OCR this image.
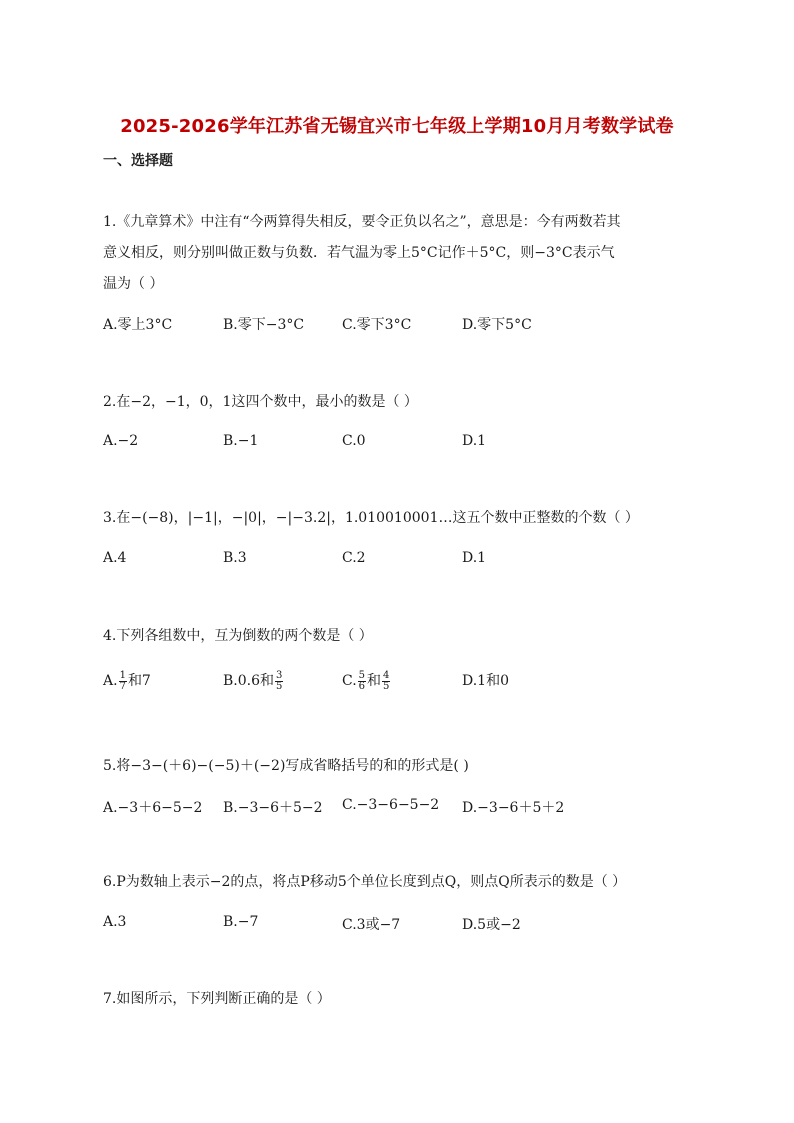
2025-2026学年江苏省无锡宜兴市七年级上学期10月月考数学试卷
一、选择题
1.《九章算术》中注有“今两算得失相反，要令正负以名之”，意思是：今有两数若其
意义相反，则分别叫做正数与负数．若气温为零上5°C记作＋5°C，则−3°C表示气
温为（ ）
A.零上3°C	B.零下−3°C	C.零下3°C	D.零下5°C
2.在−2，−1，0，1这四个数中，最小的数是（ ）
A.−2	B.−1	C.0	D.1
3.在−(−8)，|−1|，−|0|，−|−3.2|，1.010010001…这五个数中正整数的个数（ ）
A.4	B.3	C.2	D.1
4.下列各组数中，互为倒数的两个数是（ ）
A. $\frac{1}{7}$ 和7	B.0.6和 $\frac{3}{5}$	C. $\frac{5}{6}$ 和 $\frac{4}{5}$	D.1和0
5.将−3−(＋6)−(−5)＋(−2)写成省略括号的和的形式是( )
A.−3＋6−5−2 B.−3−6＋5−2 C.−3−6−5−2 D.−3−6＋5＋2
6.P为数轴上表示−2的点，将点P移动5个单位长度到点Q，则点Q所表示的数是（ ）
A.3	B.−7	C.3或−7	D.5或−2
7.如图所示，下列判断正确的是（ ）
